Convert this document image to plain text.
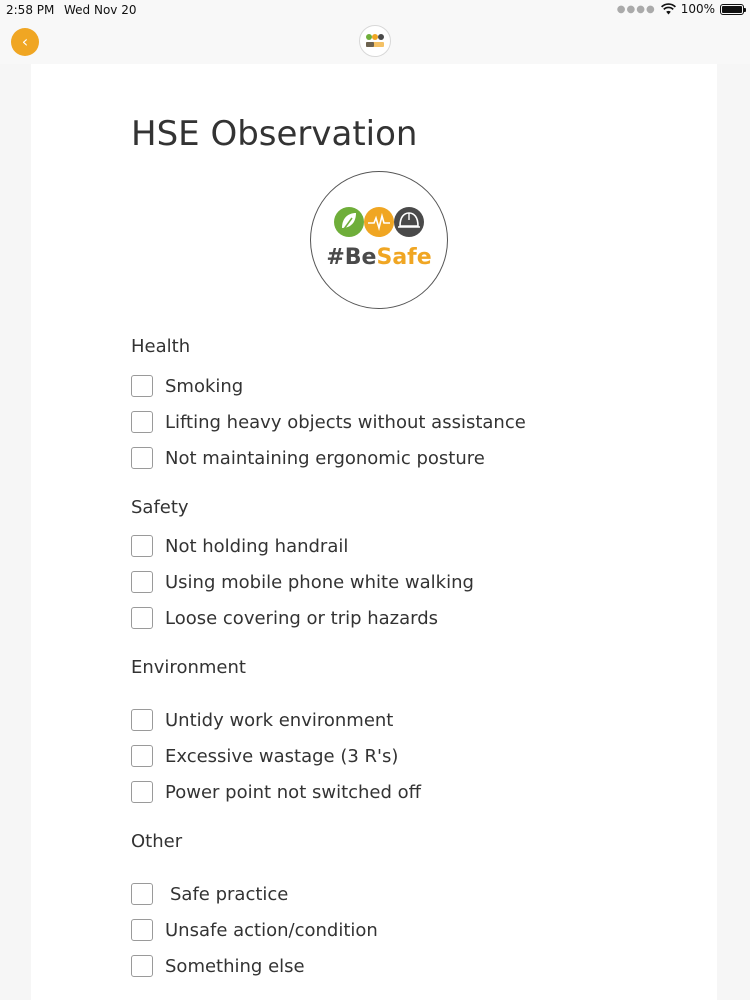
2:58 PM Wed Nov 20	●●●● 100%
‹
HSE Observation
#BeSafe
Health
Smoking
Lifting heavy objects without assistance
Not maintaining ergonomic posture
Safety
Not holding handrail
Using mobile phone white walking
Loose covering or trip hazards
Environment
Untidy work environment
Excessive wastage (3 R's)
Power point not switched off
Other
Safe practice
Unsafe action/condition
Something else
